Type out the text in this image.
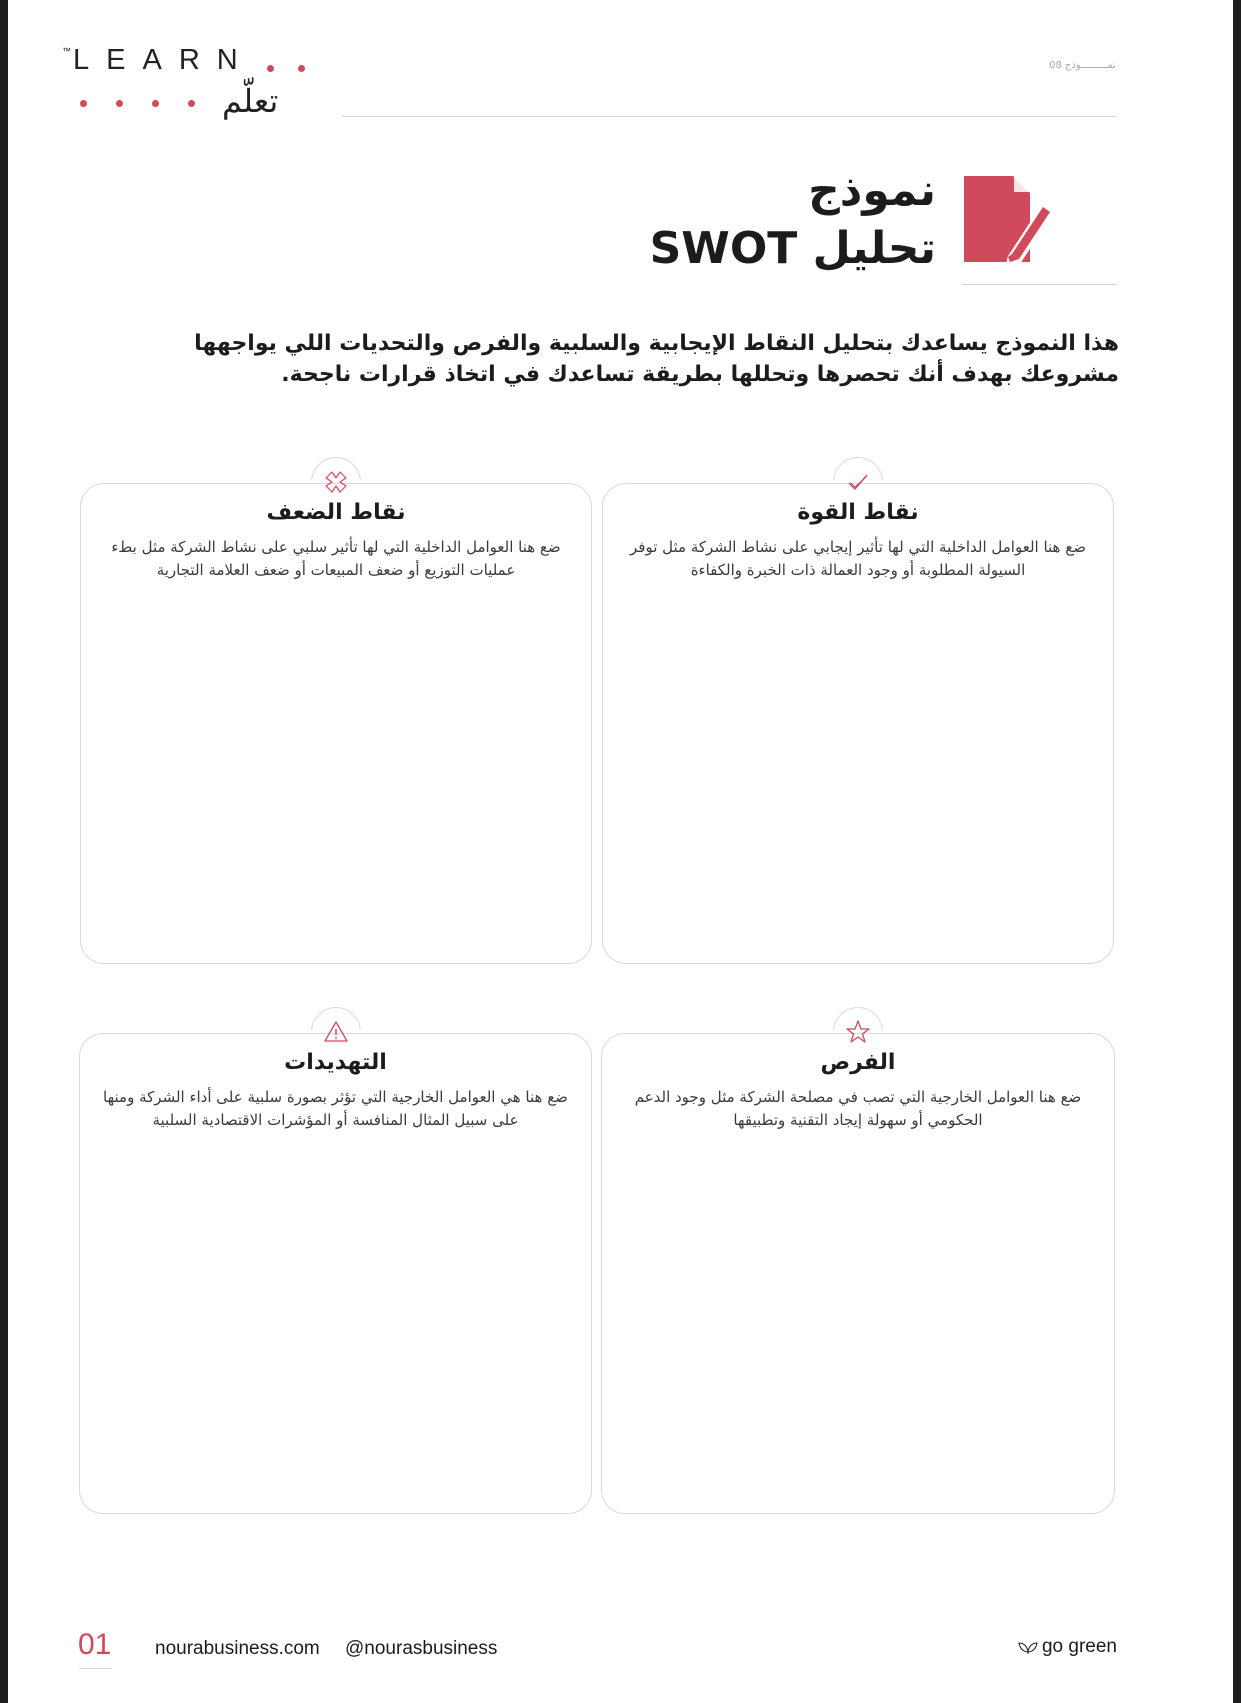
™LEARN
تعلّم
نمـــــــــوذج 08
نموذج
تحليل SWOT
هذا النموذج يساعدك بتحليل النقاط الإيجابية والسلبية والفرص والتحديات اللي يواجهها مشروعك بهدف أنك تحصرها وتحللها بطريقة تساعدك في اتخاذ قرارات ناجحة.
نقاط القوة
ضع هنا العوامل الداخلية التي لها تأثير إيجابي على نشاط الشركة مثل توفر السيولة المطلوبة أو وجود العمالة ذات الخبرة والكفاءة
نقاط الضعف
ضع هنا العوامل الداخلية التي لها تأثير سلبي على نشاط الشركة مثل بطء عمليات التوزيع أو ضعف المبيعات أو ضعف العلامة التجارية
الفرص
ضع هنا العوامل الخارجية التي تصب في مصلحة الشركة مثل وجود الدعم الحكومي أو سهولة إيجاد التقنية وتطبيقها
التهديدات
ضع هنا هي العوامل الخارجية التي تؤثر بصورة سلبية على أداء الشركة ومنها على سبيل المثال المنافسة أو المؤشرات الاقتصادية السلبية
01 nourabusiness.com @nourasbusiness	go green
